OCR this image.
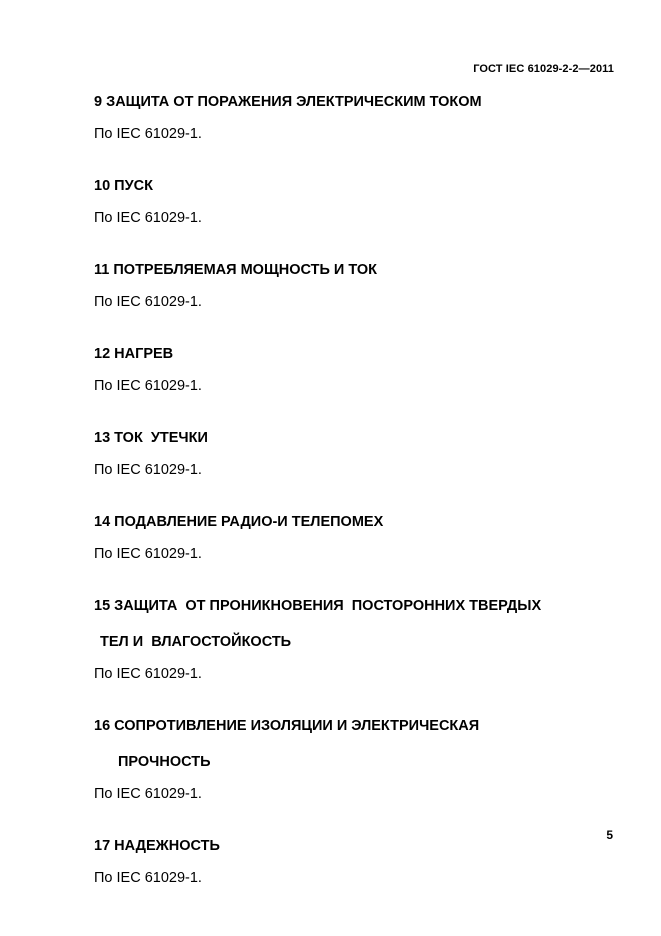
ГОСТ IEC 61029-2-2—2011

9 ЗАЩИТА ОТ ПОРАЖЕНИЯ ЭЛЕКТРИЧЕСКИМ ТОКОМ

По IEC 61029-1.

10 ПУСК

По IEC 61029-1.

11 ПОТРЕБЛЯЕМАЯ МОЩНОСТЬ И ТОК

По IEC 61029-1.

12 НАГРЕВ

По IEC 61029-1.

13 ТОК  УТЕЧКИ

По IEC 61029-1.

14 ПОДАВЛЕНИЕ РАДИО-И ТЕЛЕПОМЕХ

По IEC 61029-1.

15 ЗАЩИТА  ОТ ПРОНИКНОВЕНИЯ  ПОСТОРОННИХ ТВЕРДЫХ
ТЕЛ И  ВЛАГОСТОЙКОСТЬ

По IEC 61029-1.

16 СОПРОТИВЛЕНИЕ ИЗОЛЯЦИИ И ЭЛЕКТРИЧЕСКАЯ
ПРОЧНОСТЬ

По IEC 61029-1.

17 НАДЕЖНОСТЬ

По IEC 61029-1.

5
